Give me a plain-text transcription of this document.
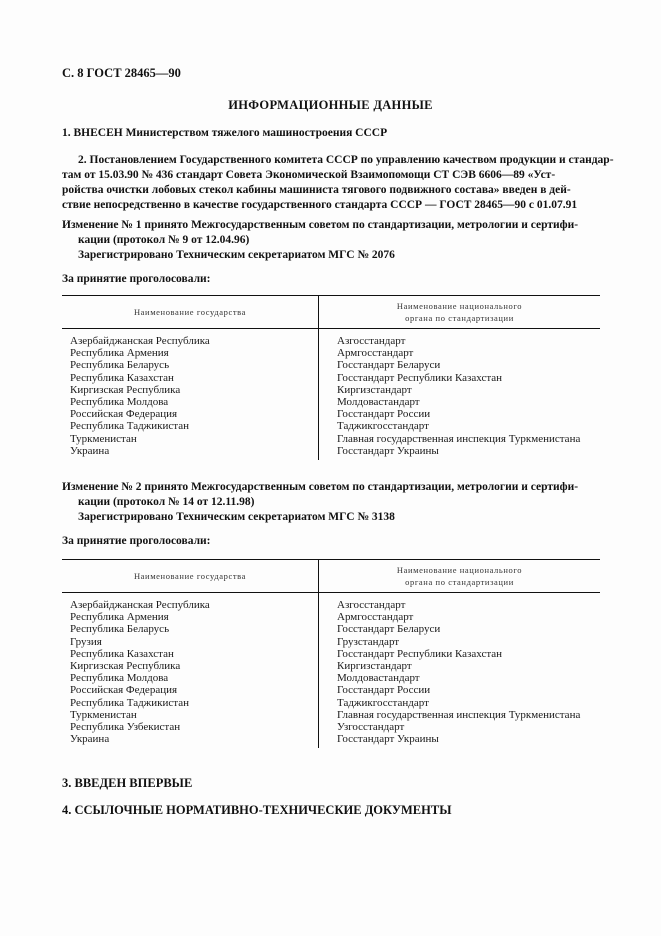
С. 8 ГОСТ 28465—90
ИНФОРМАЦИОННЫЕ ДАННЫЕ
1. ВНЕСЕН Министерством тяжелого машиностроения СССР
2. Постановлением Государственного комитета СССР по управлению качеством продукции и стандар-
там от 15.03.90 № 436 стандарт Совета Экономической Взаимопомощи СТ СЭВ 6606—89 «Уст-
ройства очистки лобовых стекол кабины машиниста тягового подвижного состава» введен в дей-
ствие непосредственно в качестве государственного стандарта СССР — ГОСТ 28465—90 с 01.07.91
Изменение № 1 принято Межгосударственным советом по стандартизации, метрологии и сертифи-
кации (протокол № 9 от 12.04.96)
Зарегистрировано Техническим секретариатом МГС № 2076
За принятие проголосовали:
Наименование государства	Наименование национального
органа по стандартизации
Азербайджанская Республика	Азгосстандарт
Республика Армения	Армгосстандарт
Республика Беларусь	Госстандарт Беларуси
Республика Казахстан	Госстандарт Республики Казахстан
Киргизская Республика	Киргизстандарт
Республика Молдова	Молдовастандарт
Российская Федерация	Госстандарт России
Республика Таджикистан	Таджикгосстандарт
Туркменистан	Главная государственная инспекция Туркменистана
Украина	Госстандарт Украины
Изменение № 2 принято Межгосударственным советом по стандартизации, метрологии и сертифи-
кации (протокол № 14 от 12.11.98)
Зарегистрировано Техническим секретариатом МГС № 3138
За принятие проголосовали:
Наименование государства	Наименование национального
органа по стандартизации
Азербайджанская Республика	Азгосстандарт
Республика Армения	Армгосстандарт
Республика Беларусь	Госстандарт Беларуси
Грузия	Грузстандарт
Республика Казахстан	Госстандарт Республики Казахстан
Киргизская Республика	Киргизстандарт
Республика Молдова	Молдовастандарт
Российская Федерация	Госстандарт России
Республика Таджикистан	Таджикгосстандарт
Туркменистан	Главная государственная инспекция Туркменистана
Республика Узбекистан	Узгосстандарт
Украина	Госстандарт Украины
3. ВВЕДЕН ВПЕРВЫЕ
4. ССЫЛОЧНЫЕ НОРМАТИВНО-ТЕХНИЧЕСКИЕ ДОКУМЕНТЫ
